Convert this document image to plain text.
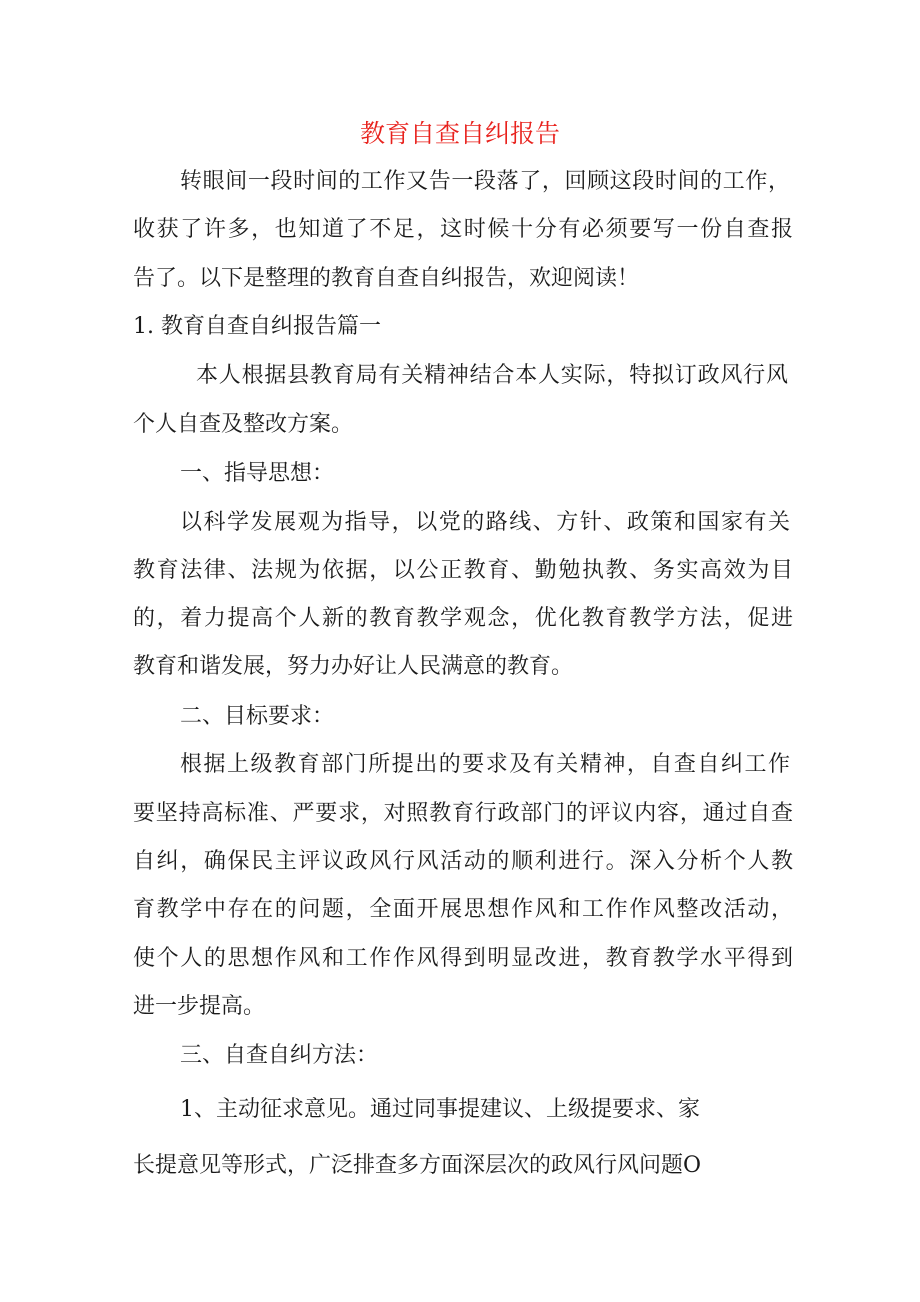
教育自查自纠报告
转眼间一段时间的工作又告一段落了，回顾这段时间的工作，
收获了许多，也知道了不足，这时候十分有必须要写一份自查报
告了。以下是整理的教育自查自纠报告，欢迎阅读！
1. 教育自查自纠报告篇一
本人根据县教育局有关精神结合本人实际，特拟订政风行风
个人自查及整改方案。
一、指导思想：
以科学发展观为指导，以党的路线、方针、政策和国家有关
教育法律、法规为依据，以公正教育、勤勉执教、务实高效为目
的，着力提高个人新的教育教学观念，优化教育教学方法，促进
教育和谐发展，努力办好让人民满意的教育。
二、目标要求：
根据上级教育部门所提出的要求及有关精神，自查自纠工作
要坚持高标准、严要求，对照教育行政部门的评议内容，通过自查
自纠，确保民主评议政风行风活动的顺利进行。深入分析个人教
育教学中存在的问题，全面开展思想作风和工作作风整改活动，
使个人的思想作风和工作作风得到明显改进，教育教学水平得到
进一步提高。
三、自查自纠方法：
1、主动征求意见。通过同事提建议、上级提要求、家
长提意见等形式，广泛排查多方面深层次的政风行风问题O
